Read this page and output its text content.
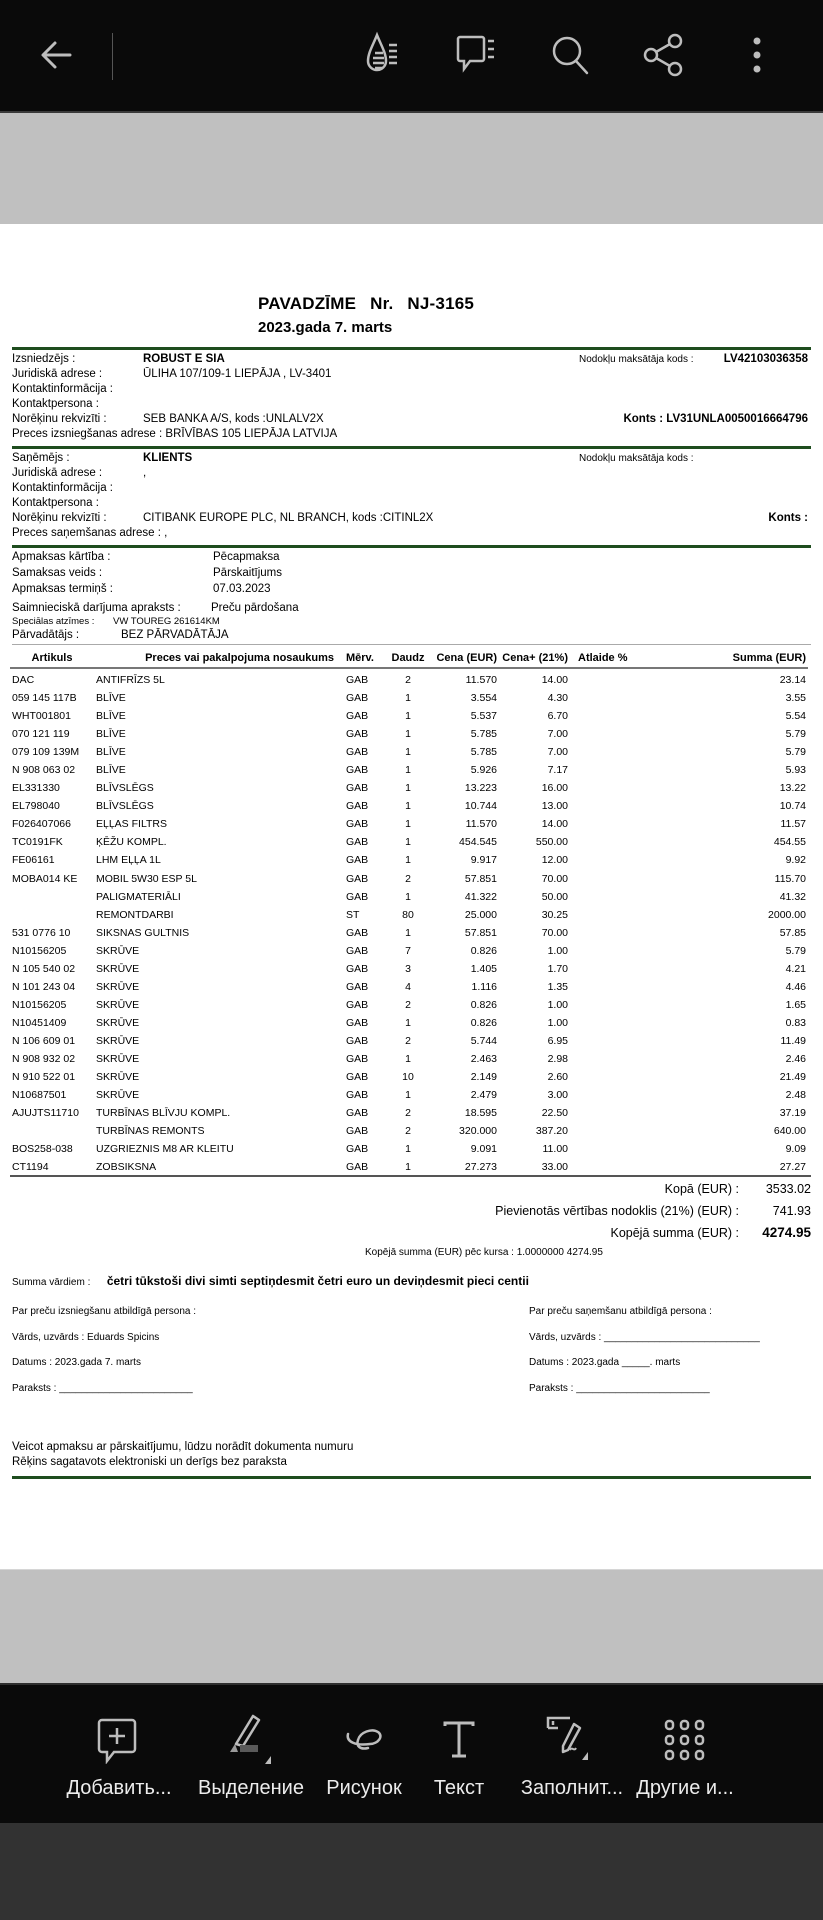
PAVADZĪME Nr. NJ-3165
2023.gada 7. marts
Izsniedzējs :	ROBUST E SIA	Nodokļu maksātāja kods :	LV42103036358
Juridiskā adrese :	ŪLIHA 107/109-1 LIEPĀJA , LV-3401
Kontaktinformācija :
Kontaktpersona :
Norēķinu rekvizīti :	SEB BANKA A/S, kods :UNLALV2X	Konts : LV31UNLA0050016664796
Preces izsniegšanas adrese : BRĪVĪBAS 105 LIEPĀJA LATVIJA
Saņēmējs :	KLIENTS	Nodokļu maksātāja kods :
Juridiskā adrese :	,
Kontaktinformācija :
Kontaktpersona :
Norēķinu rekvizīti :	CITIBANK EUROPE PLC, NL BRANCH, kods :CITINL2X	Konts :
Preces saņemšanas adrese : ,
Apmaksas kārtība :	Pēcapmaksa
Samaksas veids :	Pārskaitījums
Apmaksas termiņš :	07.03.2023
Saimnieciskā darījuma apraksts :	Preču pārdošana
Speciālas atzīmes : VW TOUREG 261614KM
Pārvadātājs :	BEZ PĀRVADĀTĀJA
Artikuls	Preces vai pakalpojuma nosaukums	Mērv.	Daudz	Cena (EUR)	Cena+ (21%)	Atlaide %	Summa (EUR)

DAC	ANTIFRĪZS 5L	GAB	2	11.570	14.00		23.14
059 145 117B	BLĪVE	GAB	1	3.554	4.30		3.55
WHT001801	BLĪVE	GAB	1	5.537	6.70		5.54
070 121 119	BLĪVE	GAB	1	5.785	7.00		5.79
079 109 139M	BLĪVE	GAB	1	5.785	7.00		5.79
N 908 063 02	BLĪVE	GAB	1	5.926	7.17		5.93
EL331330	BLĪVSLĒGS	GAB	1	13.223	16.00		13.22
EL798040	BLĪVSLĒGS	GAB	1	10.744	13.00		10.74
F026407066	EĻĻAS FILTRS	GAB	1	11.570	14.00		11.57
TC0191FK	ĶĒŽU KOMPL.	GAB	1	454.545	550.00		454.55
FE06161	LHM EĻĻA 1L	GAB	1	9.917	12.00		9.92
MOBA014 KE	MOBIL 5W30 ESP 5L	GAB	2	57.851	70.00		115.70
	PALIGMATERIĀLI	GAB	1	41.322	50.00		41.32
	REMONTDARBI	ST	80	25.000	30.25		2000.00
531 0776 10	SIKSNAS GULTNIS	GAB	1	57.851	70.00		57.85
N10156205	SKRŪVE	GAB	7	0.826	1.00		5.79
N 105 540 02	SKRŪVE	GAB	3	1.405	1.70		4.21
N 101 243 04	SKRŪVE	GAB	4	1.116	1.35		4.46
N10156205	SKRŪVE	GAB	2	0.826	1.00		1.65
N10451409	SKRŪVE	GAB	1	0.826	1.00		0.83
N 106 609 01	SKRŪVE	GAB	2	5.744	6.95		11.49
N 908 932 02	SKRŪVE	GAB	1	2.463	2.98		2.46
N 910 522 01	SKRŪVE	GAB	10	2.149	2.60		21.49
N10687501	SKRŪVE	GAB	1	2.479	3.00		2.48
AJUJTS11710	TURBĪNAS BLĪVJU KOMPL.	GAB	2	18.595	22.50		37.19
	TURBĪNAS REMONTS	GAB	2	320.000	387.20		640.00
BOS258-038	UZGRIEZNIS M8 AR KLEITU	GAB	1	9.091	11.00		9.09
CT1194	ZOBSIKSNA	GAB	1	27.273	33.00		27.27
Kopā (EUR) :	3533.02
Pievienotās vērtības nodoklis (21%) (EUR) :	741.93
Kopējā summa (EUR) :	4274.95
Kopējā summa (EUR) pēc kursa : 1.0000000 4274.95
Summa vārdiem : četri tūkstoši divi simti septiņdesmit četri euro un deviņdesmit pieci centii
Par preču izsniegšanu atbildīgā persona :
Vārds, uzvārds : Eduards Spicins
Datums : 2023.gada 7. marts
Paraksts : ________________________
Par preču saņemšanu atbildīgā persona :
Vārds, uzvārds : ____________________________
Datums : 2023.gada _____. marts
Paraksts : ________________________
Veicot apmaksu ar pārskaitījumu, lūdzu norādīt dokumenta numuru
Rēķins sagatavots elektroniski un derīgs bez paraksta
Добавить...	Выделение	Рисунок	Текст	Заполнит... Другие и...
